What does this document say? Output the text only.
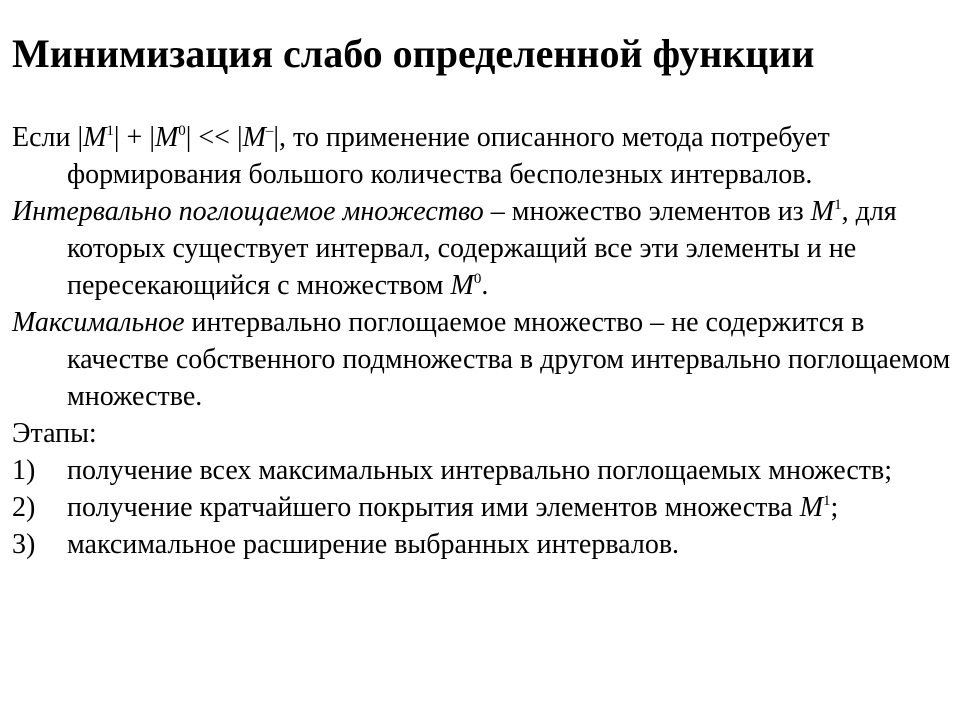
Минимизация слабо определенной функции

Если $|M^1| + |M^0| << |M^-|$, то применение описанного метода потребует формирования большого количества бесполезных интервалов.

Интервально поглощаемое множество – множество элементов из $M^1$, для которых существует интервал, содержащий все эти элементы и не пересекающийся с множеством $M^0$.

Максимальное интервально поглощаемое множество – не содержится в качестве собственного подмножества в другом интервально поглощаемом множестве.

Этапы:

1) получение всех максимальных интервально поглощаемых множеств;
2) получение кратчайшего покрытия ими элементов множества $M^1$;
3) максимальное расширение выбранных интервалов.
